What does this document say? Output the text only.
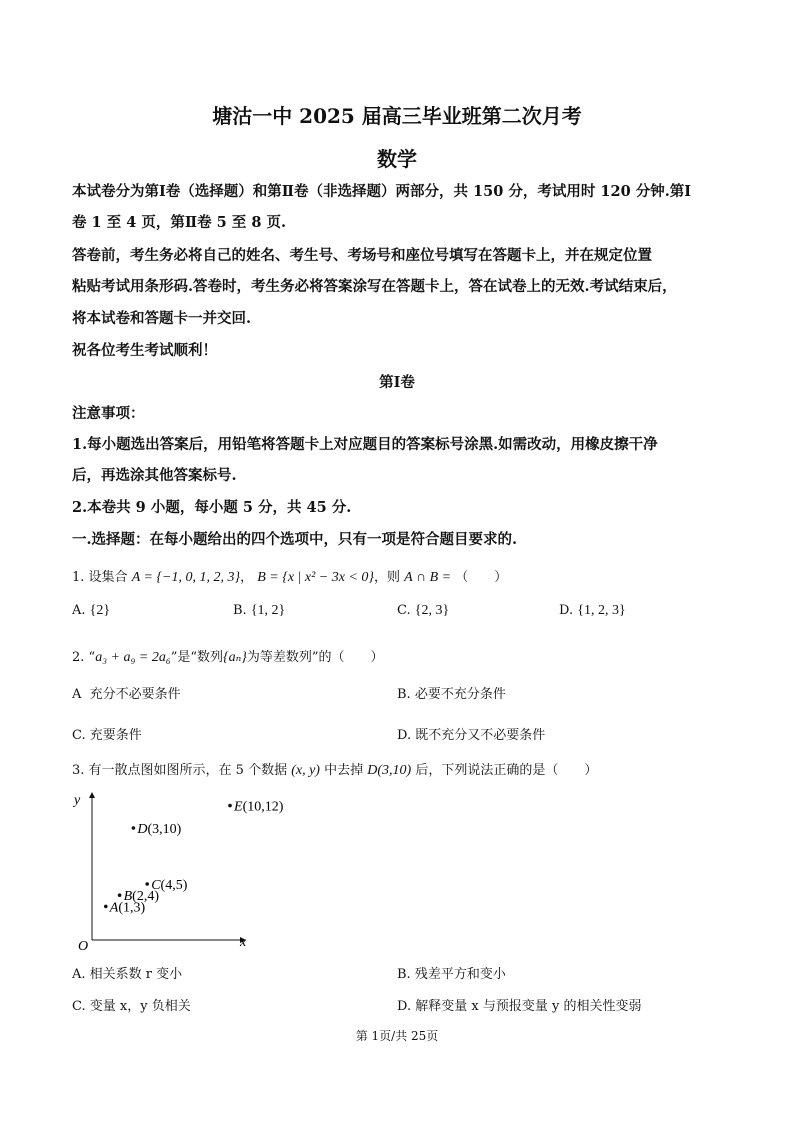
塘沽一中 2025 届高三毕业班第二次月考
数学
本试卷分为第Ⅰ卷（选择题）和第Ⅱ卷（非选择题）两部分，共 150 分，考试用时 120 分钟.第Ⅰ
卷 1 至 4 页，第Ⅱ卷 5 至 8 页.
答卷前，考生务必将自己的姓名、考生号、考场号和座位号填写在答题卡上，并在规定位置
粘贴考试用条形码.答卷时，考生务必将答案涂写在答题卡上，答在试卷上的无效.考试结束后，
将本试卷和答题卡一并交回.
祝各位考生考试顺利！
第Ⅰ卷
注意事项：
1.每小题选出答案后，用铅笔将答题卡上对应题目的答案标号涂黑.如需改动，用橡皮擦干净
后，再选涂其他答案标号.
2.本卷共 9 小题，每小题 5 分，共 45 分.
一.选择题：在每小题给出的四个选项中，只有一项是符合题目要求的.
1. 设集合 A = {−1, 0, 1, 2, 3}， B = {x | x² − 3x < 0}，则 A ∩ B = （　　）
A. {2}	B. {1, 2}	C. {2, 3}	D. {1, 2, 3}
2. “a₃ + a₉ = 2a₆”是“数列{aₙ}为等差数列”的（　　）
A 充分不必要条件	B. 必要不充分条件
C. 充要条件	D. 既不充分又不必要条件
3. 有一散点图如图所示，在 5 个数据 (x, y) 中去掉 D(3,10) 后，下列说法正确的是（　　）
x
y
O
A(1,3)
B(2,4)
C(4,5)
D(3,10)
E(10,12)
A. 相关系数 r 变小	B. 残差平方和变小
C. 变量 x，y 负相关	D. 解释变量 x 与预报变量 y 的相关性变弱
第 1页/共 25页
